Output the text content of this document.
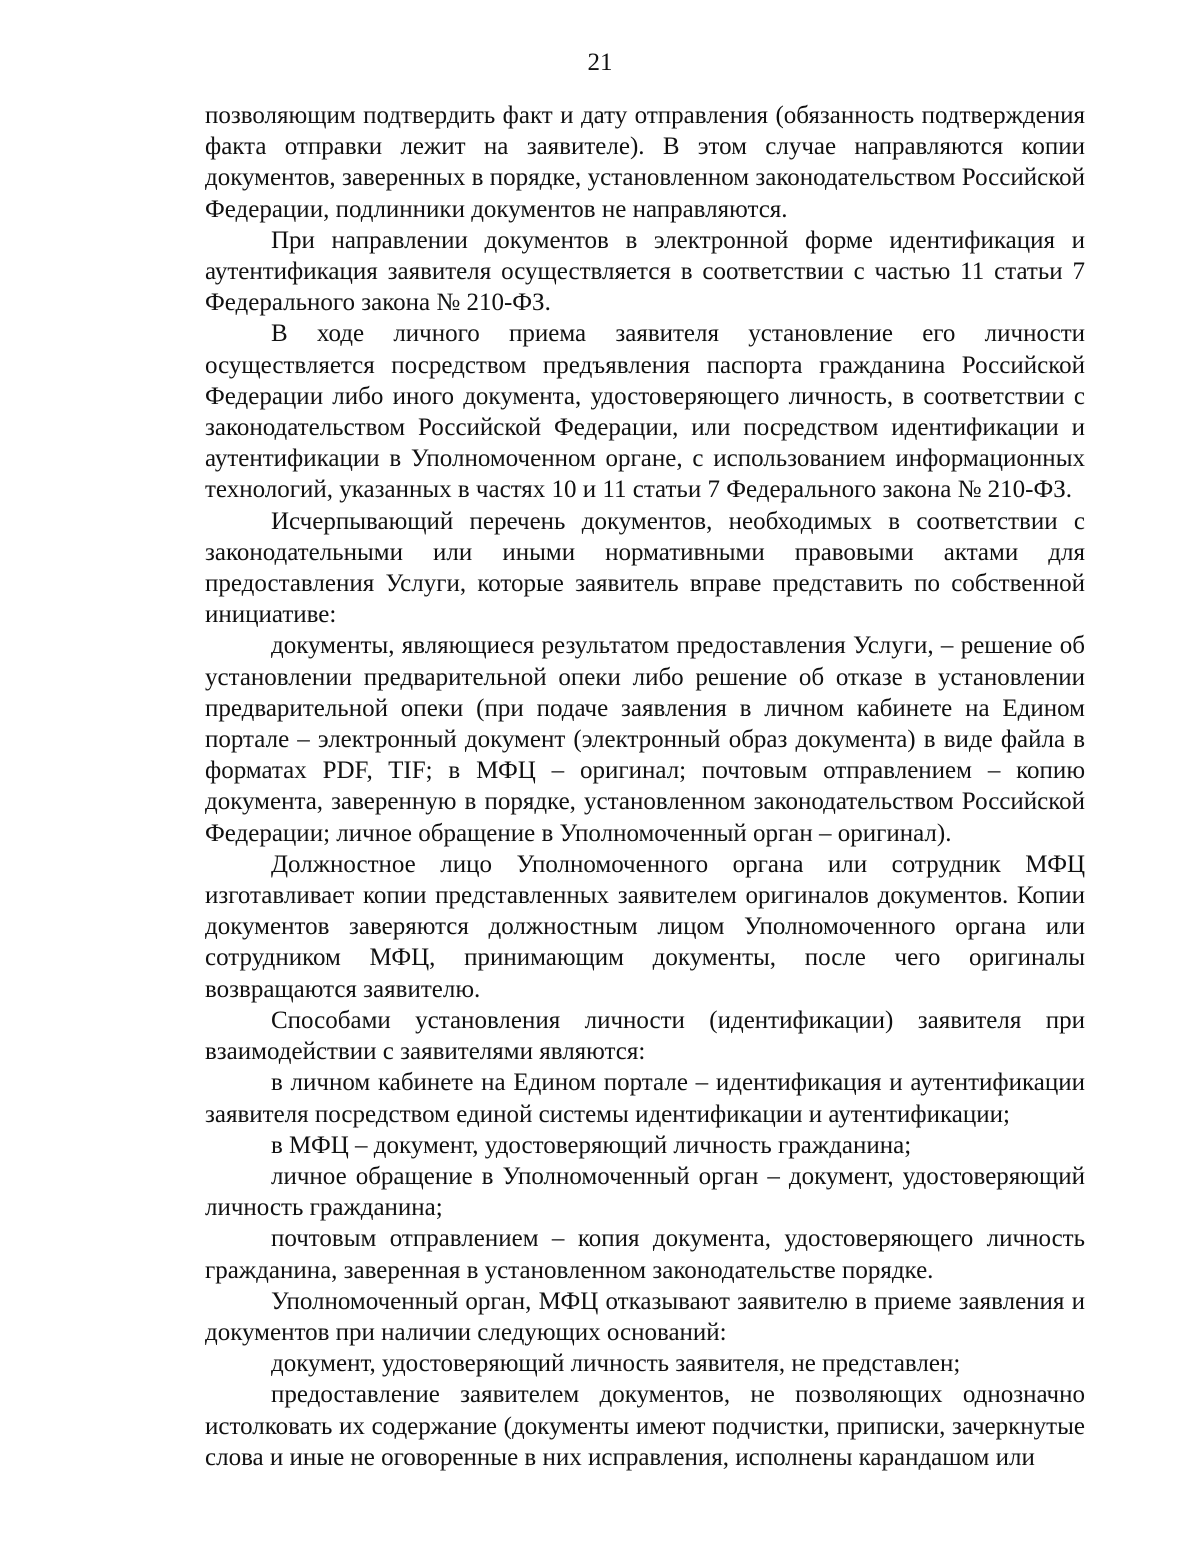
21

позволяющим подтвердить факт и дату отправления (обязанность подтверждения факта отправки лежит на заявителе). В этом случае направляются копии документов, заверенных в порядке, установленном законодательством Российской Федерации, подлинники документов не направляются.

При направлении документов в электронной форме идентификация и аутентификация заявителя осуществляется в соответствии с частью 11 статьи 7 Федерального закона № 210-ФЗ.

В ходе личного приема заявителя установление его личности осуществляется посредством предъявления паспорта гражданина Российской Федерации либо иного документа, удостоверяющего личность, в соответствии с законодательством Российской Федерации, или посредством идентификации и аутентификации в Уполномоченном органе, с использованием информационных технологий, указанных в частях 10 и 11 статьи 7 Федерального закона № 210-ФЗ.

Исчерпывающий перечень документов, необходимых в соответствии с законодательными или иными нормативными правовыми актами для предоставления Услуги, которые заявитель вправе представить по собственной инициативе:

документы, являющиеся результатом предоставления Услуги, – решение об установлении предварительной опеки либо решение об отказе в установлении предварительной опеки (при подаче заявления в личном кабинете на Едином портале – электронный документ (электронный образ документа) в виде файла в форматах PDF, TIF; в МФЦ – оригинал; почтовым отправлением – копию документа, заверенную в порядке, установленном законодательством Российской Федерации; личное обращение в Уполномоченный орган – оригинал).

Должностное лицо Уполномоченного органа или сотрудник МФЦ изготавливает копии представленных заявителем оригиналов документов. Копии документов заверяются должностным лицом Уполномоченного органа или сотрудником МФЦ, принимающим документы, после чего оригиналы возвращаются заявителю.

Способами установления личности (идентификации) заявителя при взаимодействии с заявителями являются:

в личном кабинете на Едином портале – идентификация и аутентификации заявителя посредством единой системы идентификации и аутентификации;

в МФЦ – документ, удостоверяющий личность гражданина;

личное обращение в Уполномоченный орган – документ, удостоверяющий личность гражданина;

почтовым отправлением – копия документа, удостоверяющего личность гражданина, заверенная в установленном законодательстве порядке.

Уполномоченный орган, МФЦ отказывают заявителю в приеме заявления и документов при наличии следующих оснований:

документ, удостоверяющий личность заявителя, не представлен;

предоставление заявителем документов, не позволяющих однозначно истолковать их содержание (документы имеют подчистки, приписки, зачеркнутые слова и иные не оговоренные в них исправления, исполнены карандашом или
